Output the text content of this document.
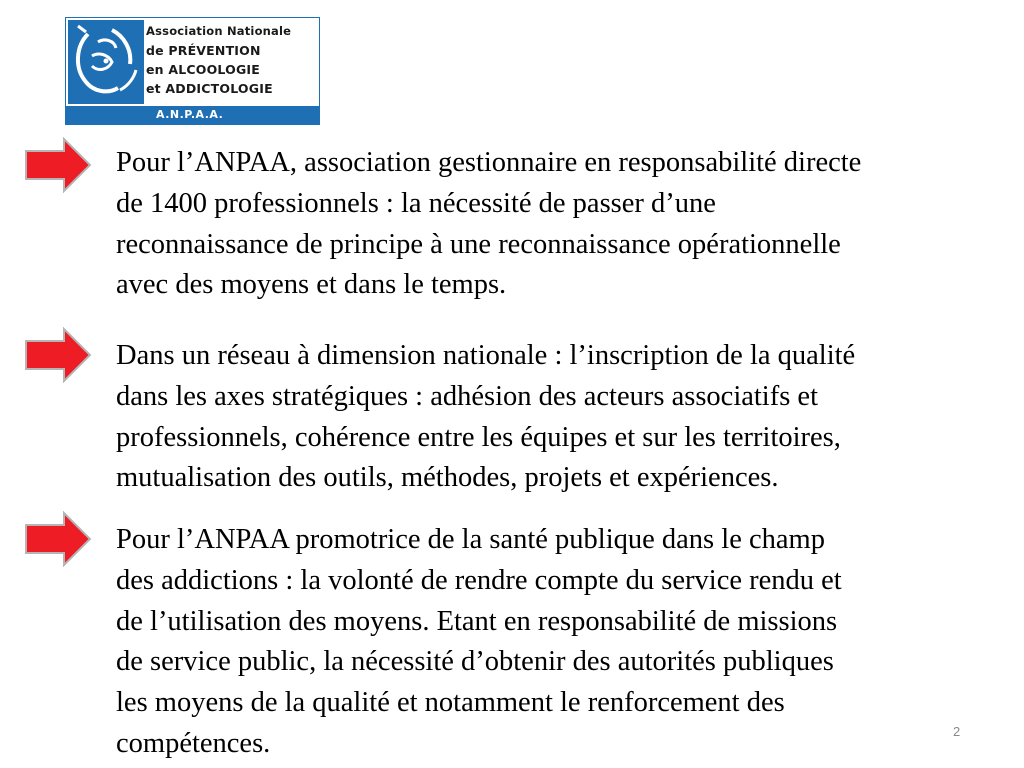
Association Nationale
de PRÉVENTION
en ALCOOLOGIE
et ADDICTOLOGIE
A.N.P.A.A.
Pour l’ANPAA, association gestionnaire en responsabilité directe
de 1400 professionnels : la nécessité de passer d’une
reconnaissance de principe à une reconnaissance opérationnelle
avec des moyens et dans le temps.
Dans un réseau à dimension nationale : l’inscription de la qualité
dans les axes stratégiques : adhésion des acteurs associatifs et
professionnels, cohérence entre les équipes et sur les territoires,
mutualisation des outils, méthodes, projets et expériences.
Pour l’ANPAA promotrice de la santé publique dans le champ
des addictions : la volonté de rendre compte du service rendu et
de l’utilisation des moyens. Etant en responsabilité de missions
de service public, la nécessité d’obtenir des autorités publiques
les moyens de la qualité et notamment le renforcement des
compétences.	2
